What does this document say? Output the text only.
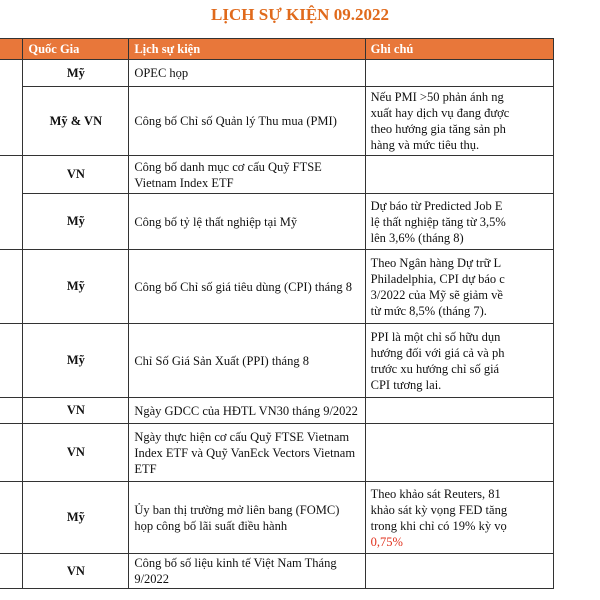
LỊCH SỰ KIỆN 09.2022
	Quốc Gia	Lịch sự kiện	Ghi chú
	Mỹ	OPEC họp	
	Mỹ & VN	Công bố Chỉ số Quản lý Thu mua (PMI)	Nếu PMI >50 phản ánh ng
xuất hay dịch vụ đang được
theo hướng gia tăng sản ph
hàng và mức tiêu thụ.

	VN	Công bố danh mục cơ cấu Quỹ FTSE Vietnam Index ETF	
	Mỹ	Công bố tỷ lệ thất nghiệp tại Mỹ	Dự báo từ Predicted Job E
lệ thất nghiệp tăng từ 3,5%
lên 3,6% (tháng 8)

	Mỹ	Công bố Chỉ số giá tiêu dùng (CPI) tháng 8	Theo Ngân hàng Dự trữ L
Philadelphia, CPI dự báo c
3/2022 của Mỹ sẽ giảm về
từ mức 8,5% (tháng 7).

	Mỹ	Chỉ Số Giá Sản Xuất (PPI) tháng 8	PPI là một chỉ số hữu dụn
hướng đối với giá cả và ph
trước xu hướng chỉ số giá
CPI tương lai.

	VN	Ngày GDCC của HĐTL VN30 tháng 9/2022	
	VN	Ngày thực hiện cơ cấu Quỹ FTSE Vietnam Index ETF và Quỹ VanEck Vectors Vietnam ETF	
	Mỹ	Ủy ban thị trường mở liên bang (FOMC) họp công bố lãi suất điều hành	Theo khảo sát Reuters, 81
khảo sát kỳ vọng FED tăng
trong khi chỉ có 19% kỳ vọ
0,75%

	VN	Công bố số liệu kinh tế Việt Nam Tháng 9/2022	
